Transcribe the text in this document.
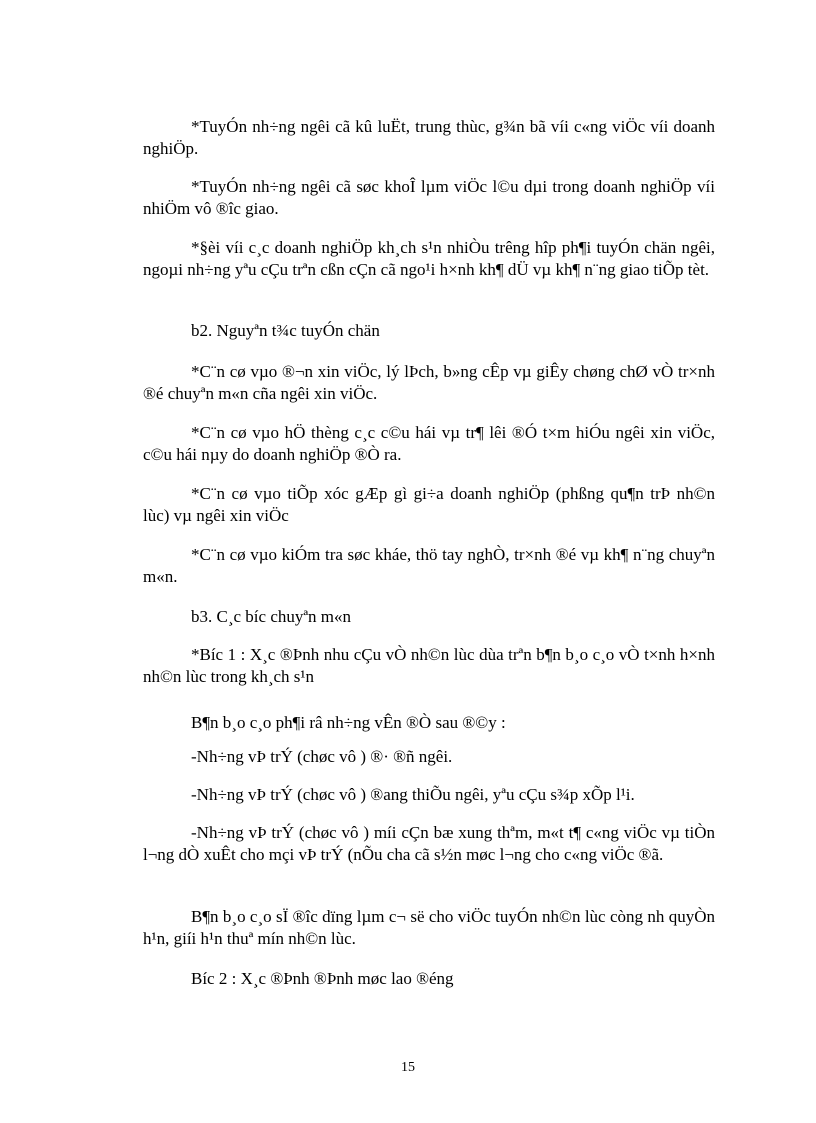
*TuyÓn nh÷ng ngêi cã kû luËt, trung thùc, g¾n bã víi c«ng viÖc víi doanh nghiÖp.

*TuyÓn nh÷ng ngêi cã søc khoÎ lµm viÖc l©u dµi trong doanh nghiÖp víi nhiÖm vô ®îc giao.

*§èi víi c¸c doanh nghiÖp kh¸ch s¹n nhiÒu trêng hîp ph¶i tuyÓn chän ngêi, ngoµi nh÷ng yªu cÇu trªn cßn cÇn cã ngo¹i h×nh kh¶ dÜ vµ kh¶ n¨ng giao tiÕp tèt.

b2. Nguyªn t¾c tuyÓn chän

*C¨n cø vµo ®¬n xin viÖc, lý lÞch, b»ng cÊp vµ giÊy chøng chØ vÒ tr×nh ®é chuyªn m«n cña ngêi xin viÖc.

*C¨n cø vµo hÖ thèng c¸c c©u hái vµ tr¶ lêi ®Ó t×m hiÓu ngêi xin viÖc, c©u hái nµy do doanh nghiÖp ®Ò ra.

*C¨n cø vµo tiÕp xóc gÆp gì gi÷a doanh nghiÖp (phßng qu¶n trÞ nh©n lùc) vµ ngêi xin viÖc

*C¨n cø vµo kiÓm tra søc kháe, thö tay nghÒ, tr×nh ®é vµ kh¶ n¨ng chuyªn m«n.

b3. C¸c bíc chuyªn m«n

*Bíc 1 : X¸c ®Þnh nhu cÇu vÒ nh©n lùc dùa trªn b¶n b¸o c¸o vÒ t×nh h×nh nh©n lùc trong kh¸ch s¹n

B¶n b¸o c¸o ph¶i râ nh÷ng vÊn ®Ò sau ®©y :

-Nh÷ng vÞ trÝ (chøc vô ) ®· ®ñ ngêi.

-Nh÷ng vÞ trÝ (chøc vô ) ®ang thiÕu ngêi, yªu cÇu s¾p xÕp l¹i.

-Nh÷ng vÞ trÝ (chøc vô ) míi cÇn bæ xung thªm, m«t t¶ c«ng viÖc vµ tiÒn l¬ng dÒ xuÊt cho mçi vÞ trÝ (nÕu cha cã s½n møc l¬ng cho c«ng viÖc ®ã.

B¶n b¸o c¸o sÏ ®îc dïng lµm c¬ së cho viÖc tuyÓn nh©n lùc còng nh quyÒn h¹n, giíi h¹n thuª mín nh©n lùc.

Bíc 2 : X¸c ®Þnh ®Þnh møc lao ®éng

15
